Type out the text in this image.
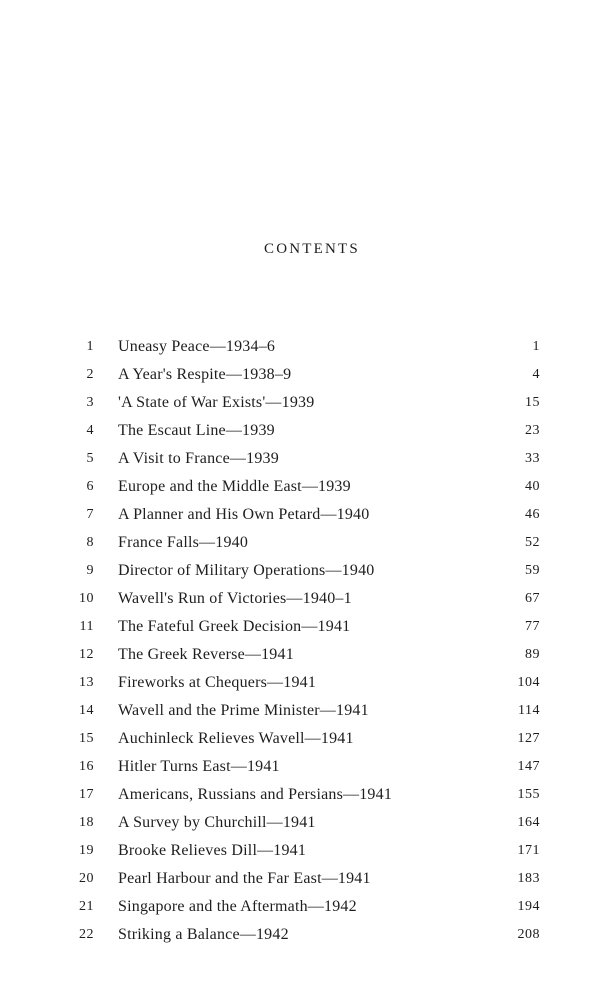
CONTENTS
1 Uneasy Peace—1934–6	1
2 A Year's Respite—1938–9	4
3 'A State of War Exists'—1939	15
4 The Escaut Line—1939	23
5 A Visit to France—1939	33
6 Europe and the Middle East—1939	40
7 A Planner and His Own Petard—1940	46
8 France Falls—1940	52
9 Director of Military Operations—1940	59
10 Wavell's Run of Victories—1940–1	67
11 The Fateful Greek Decision—1941	77
12 The Greek Reverse—1941	89
13 Fireworks at Chequers—1941	104
14 Wavell and the Prime Minister—1941	114
15 Auchinleck Relieves Wavell—1941	127
16 Hitler Turns East—1941	147
17 Americans, Russians and Persians—1941	155
18 A Survey by Churchill—1941	164
19 Brooke Relieves Dill—1941	171
20 Pearl Harbour and the Far East—1941	183
21 Singapore and the Aftermath—1942	194
22 Striking a Balance—1942	208
